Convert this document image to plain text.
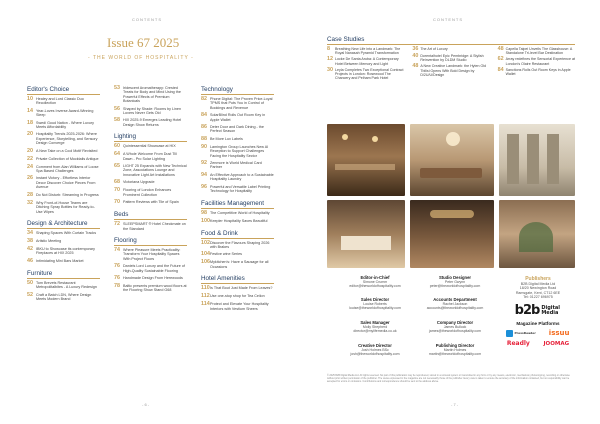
CONTENTS
Issue 67 2025
- THE WORLD OF HOSPITALITY -
CONTENTS
Editor's Choice
10 Healey and Lord Classic Duo Recollection
14 Year-Loves Inverse Award-Winning Sleep
18 Swedi Goud Nation - Where Luxury Meets Affordability
20 Hospitality Trends 2025-2026: Where Experience, Storytelling, and Sensory Design Converge
20 A New Take on a Cool Motif Revisited
22 Private Collection of Mocktails Antique
24 Comment from Alan Williams of Loose Spa Based Challenges
26 Instant Victory - Effortless Interior Decor Discover Choice Pieces From Avenue
28 Do Not Disturb: Streaming in Progress
32 Why Front-of-House Teams are Ditching Spray Bottles for Ready-to-Use Wipes
Design & Architecture
34 Shaping Spaces With Curtain Tracks
38 Artistic Meeting
42 IBKU to Showcase its contemporary Fireplaces at HIX 2025
46 Intimidating Mini Bars Market
Furniture
50 Tom Brevets Restaurant Metropolitalbites - A Luxury Redesign
52 Craft a Batch LDN, Where Design Meets Modern Brand
53 Iridescent Aromatherapy: Crested Treats for Body and Mind Using the Powerful Effects of Premium Botanicals
56 Shaped by Shade: Rooms by Linen Lovers Never Gets Old
58 HIX 2025-9 Emerges Leading Hotel Design Show Returns
Lighting
60 Quintessential Showcase at HIX
64 A Whole Welcome From Dust Till Dawn - Pro Solar Lighting
65 LIGHT 25 Expands with New Technical Zone, Associations Lounge and Innovative Light Art Installations
68 Victoriana Upgrade
70 Flooring of London Enhances Prominent Collection
70 Pattern Reviews with Tile of Spain
Beds
72 SLEEPSMART ® Hotel Checkmate on the Standard
Flooring
74 Where Pleasure Meets Practicality: Transform Your Hospitality Spaces With Project Floors
76 Daniels Lord Luxury and the Future of High-Quality Sustainable Flooring
76 Handmade Design From Herewoods
78 Baltic presents premium wood floors at the Flooring Show Stand G68
Technology
82 Phone Digital: The Proven Price-Loyal TPMS that Puts You in Control of Bookings and Revenue
84 SolarBlind Rolls Out Room Key in Apple Wallet
86 Deter Door and Dark Dining - the Perfect Season
88 Be More Lux Labels
90 Lamington Group Launches New AI Reception to Support Challenges Facing the Hospitality Sector
92 Zenmore is World Medical Card Partner
94 An Effective Approach to a Sustainable Hospitality Laundry
96 Powerful and Versatile Label Printing Technology for Hospitality
Facilities Management
98 The Competitive World of Hospitality
100 Keepler Hospitality Saves Beautiful
Food & Drink
102 Discover the Flavours Shaping 2026 with Brakes
104 Festive wine Series
106 Mykitchen's: Have a Sausage for all Occasions
Hotel Amenities
110 Is That Bout Just Made From Leaves?
112 Use one-stop shop for Tea Ceilon
114 Protect and Elevate Your Hospitality Interiors with Vestium Sheers
Case Studies
8	Breathing New Life into a Landmark: The Royal Nanasah Pyramid Transformation
12 Locke De Santa Aruba: A Contemporary Hotel Between Memory and Light
30 Leyla Completes Two Exceptional Contract Projects in London: Rosewood The Chancery and Pelham Park Hotel
36 The Art of Luxury
40 Dorentalhotel Epic Pembridge: A Stylish Reinvention by DLDM Studio
48 A New Creative Landmark: the Hyten Old Tbilisi Opens With Bold Design by D/2U/U/Design
48 Capella Taipei Unveils The Glasshouse: A Standalone Tri-level Bar Destination
62 Array redefines the Sensorial Experience at London's Olaire Restaurant
84 Sanctions Rolls Out Room Keys in Apple Wallet
Editor-in-Chief
Simone Crumm
editor@theworldofhospitality.com
Studio Designer
Peter Gwynn
peter@theworldofhospitality.com
Sales Director
Louise Roberts
louise@theworldofhospitality.com
Accounts Department
Rachel Jackson
accounts@theworldofhospitality.com
Sales Manager
Molly Shepherd
director@mylifemedia.co.uk
Company Director
James Bullock
james@theworldofhospitality.com
Creative Director
Josh Holmes BSc
josh@theworldofhospitality.com
Publishing Director
Martin Holmes
martin@theworldofhospitality.com
Publishers
B2B Digital Media Ltd
18/20 Newington Road
Ramsgate, Kent, CT12 6EE
Tel: 01227 696975
b2b Digital Media
Magazine Platforms
PressReader issuu
Readly JOOMAG
© 2025 B2B Digital Media Ltd. All rights reserved. No part of this publication may be reproduced, stored in a retrieval system or transmitted in any form or by any means, electronic, mechanical, photocopying, recording or otherwise without prior written permission of the publisher. The views expressed in the magazine are not necessarily those of the publisher. Every care is taken to ensure the accuracy of the information contained, but no responsibility can be accepted for errors or omissions. Contributions and correspondence should be sent to the address above.
- 6 -	- 7 -
